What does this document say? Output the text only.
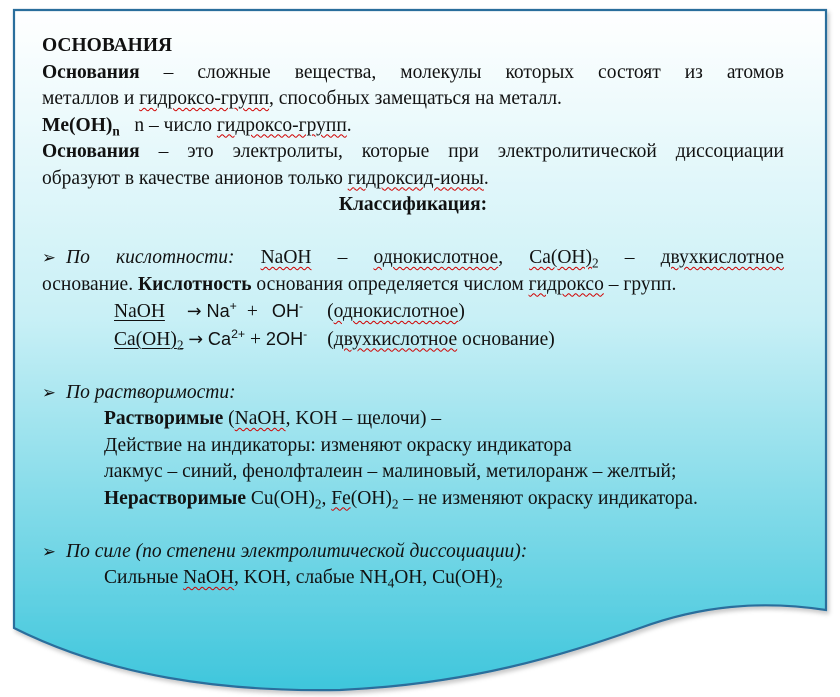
ОСНОВАНИЯ
Основания – сложные вещества, молекулы которых состоят из атомов
металлов и гидроксо-групп, способных замещаться на металл.
$Me(OH)_n$ n – число гидроксо-групп.
Основания – это электролиты, которые при электролитической диссоциации
образуют в качестве анионов только гидроксид-ионы.
Классификация:
➢ По кислотности: NaOH – однокислотное, $Ca(OH)_2$ – двухкислотное
основание. Кислотность основания определяется числом гидроксо – групп.
NaOH → Na+ + OH- (однокислотное)
$Ca(OH)_2 \to Ca^{2+} + 2OH^-$ (двухкислотное основание)
➢ По растворимости:
Растворимые (NaOH, KOH – щелочи) –
Действие на индикаторы: изменяют окраску индикатора
лакмус – синий, фенолфталеин – малиновый, метилоранж – желтый;
Нерастворимые $Cu(OH)_2$, $Fe(OH)_2$ – не изменяют окраску индикатора.
➢ По силе (по степени электролитической диссоциации):
Сильные NaOH, KOH, слабые $NH_4OH$, $Cu(OH)_2$
